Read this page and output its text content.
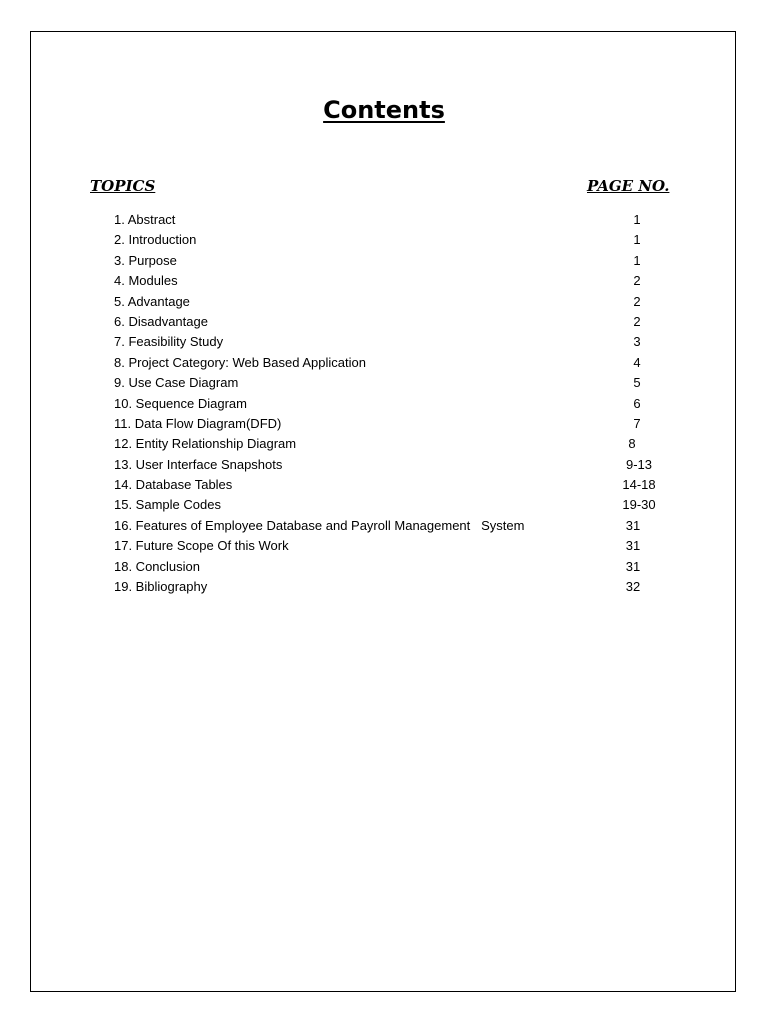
Contents
TOPICS	PAGE NO.
1. Abstract	1
2. Introduction	1
3. Purpose	1
4. Modules	2
5. Advantage	2
6. Disadvantage	2
7. Feasibility Study	3
8. Project Category: Web Based Application	4
9. Use Case Diagram	5
10. Sequence Diagram	6
11. Data Flow Diagram(DFD)	7
12. Entity Relationship Diagram	8
13. User Interface Snapshots	9-13
14. Database Tables	14-18
15. Sample Codes	19-30
16. Features of Employee Database and Payroll Management   System	31
17. Future Scope Of this Work	31
18. Conclusion	31
19. Bibliography	32
